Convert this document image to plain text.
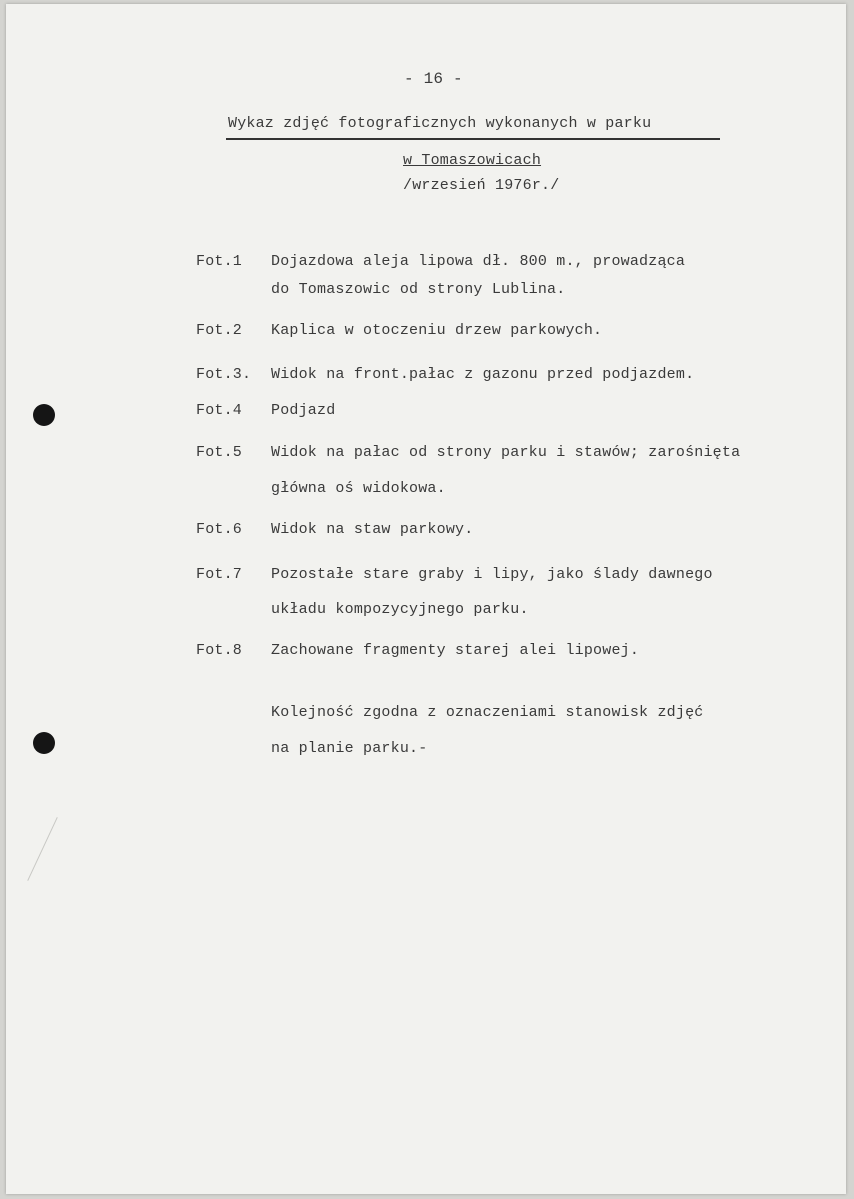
- 16 -
Wykaz zdjęć fotograficznych wykonanych w parku
w Tomaszowicach
/wrzesień 1976r./
Fot.1 Dojazdowa aleja lipowa dł. 800 m., prowadząca
do Tomaszowic od strony Lublina.
Fot.2 Kaplica w otoczeniu drzew parkowych.
Fot.3. Widok na front.pałac z gazonu przed podjazdem.
Fot.4 Podjazd
Fot.5 Widok na pałac od strony parku i stawów; zarośnięta
główna oś widokowa.
Fot.6 Widok na staw parkowy.
Fot.7 Pozostałe stare graby i lipy, jako ślady dawnego
układu kompozycyjnego parku.
Fot.8 Zachowane fragmenty starej alei lipowej.
Kolejność zgodna z oznaczeniami stanowisk zdjęć
na planie parku.-
